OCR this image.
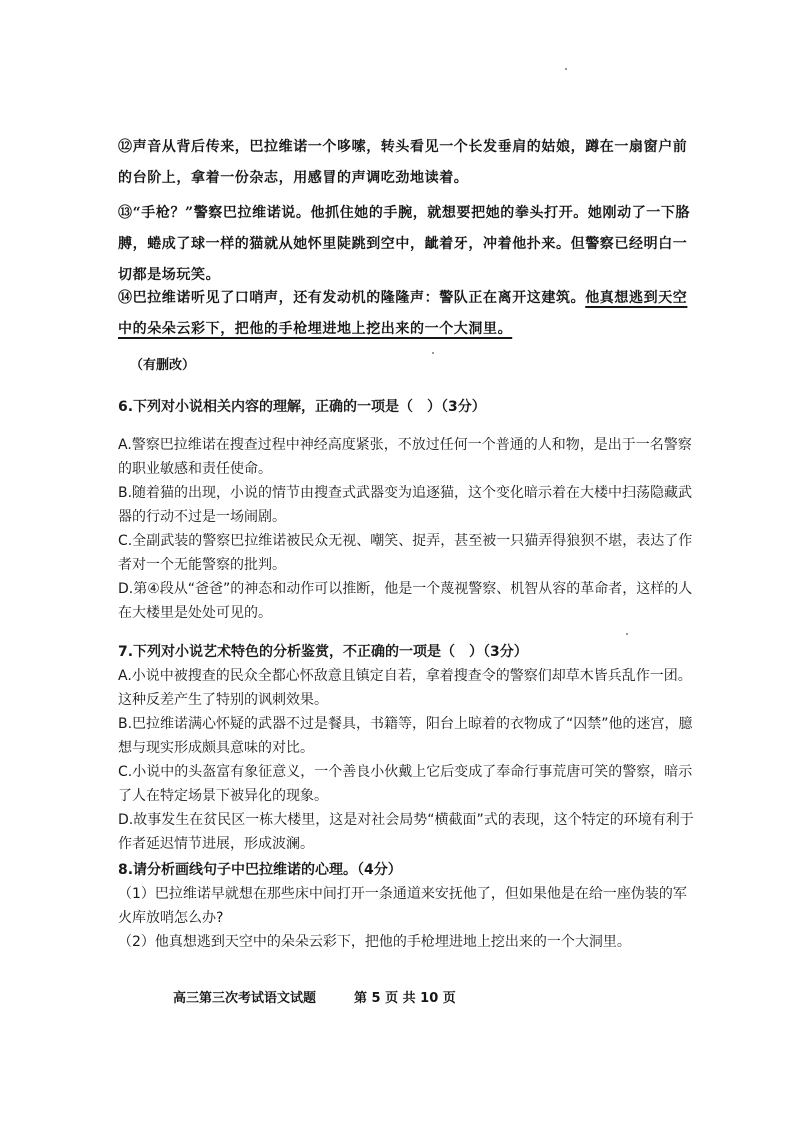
⑫声音从背后传来，巴拉维诺一个哆嗦，转头看见一个长发垂肩的姑娘，蹲在一扇窗户前的台阶上，拿着一份杂志，用感冒的声调吃劲地读着。
⑬“手枪？”警察巴拉维诺说。他抓住她的手腕，就想要把她的拳头打开。她刚动了一下胳膊，蜷成了球一样的猫就从她怀里陡跳到空中，龇着牙，冲着他扑来。但警察已经明白一切都是场玩笑。
⑭巴拉维诺听见了口哨声，还有发动机的隆隆声：警队正在离开这建筑。他真想逃到天空中的朵朵云彩下，把他的手枪埋进地上挖出来的一个大洞里。
（有删改）
6.下列对小说相关内容的理解，正确的一项是（　）（3分）
A.警察巴拉维诺在搜查过程中神经高度紧张，不放过任何一个普通的人和物，是出于一名警察的职业敏感和责任使命。
B.随着猫的出现，小说的情节由搜查式武器变为追逐猫，这个变化暗示着在大楼中扫荡隐藏武器的行动不过是一场闹剧。
C.全副武装的警察巴拉维诺被民众无视、嘲笑、捉弄，甚至被一只猫弄得狼狈不堪，表达了作者对一个无能警察的批判。
D.第④段从“爸爸”的神态和动作可以推断，他是一个蔑视警察、机智从容的革命者，这样的人在大楼里是处处可见的。
7.下列对小说艺术特色的分析鉴赏，不正确的一项是（　）（3分）
A.小说中被搜查的民众全都心怀敌意且镇定自若，拿着搜查令的警察们却草木皆兵乱作一团。这种反差产生了特别的讽刺效果。
B.巴拉维诺满心怀疑的武器不过是餐具，书籍等，阳台上晾着的衣物成了“囚禁”他的迷宫，臆想与现实形成颇具意味的对比。
C.小说中的头盔富有象征意义，一个善良小伙戴上它后变成了奉命行事荒唐可笑的警察，暗示了人在特定场景下被异化的现象。
D.故事发生在贫民区一栋大楼里，这是对社会局势“横截面”式的表现，这个特定的环境有利于作者延迟情节进展，形成波澜。
8.请分析画线句子中巴拉维诺的心理。（4分）
（1）巴拉维诺早就想在那些床中间打开一条通道来安抚他了，但如果他是在给一座伪装的军火库放哨怎么办?
（2）他真想逃到天空中的朵朵云彩下，把他的手枪埋进地上挖出来的一个大洞里。
高三第三次考试语文试题	第 5 页 共 10 页
